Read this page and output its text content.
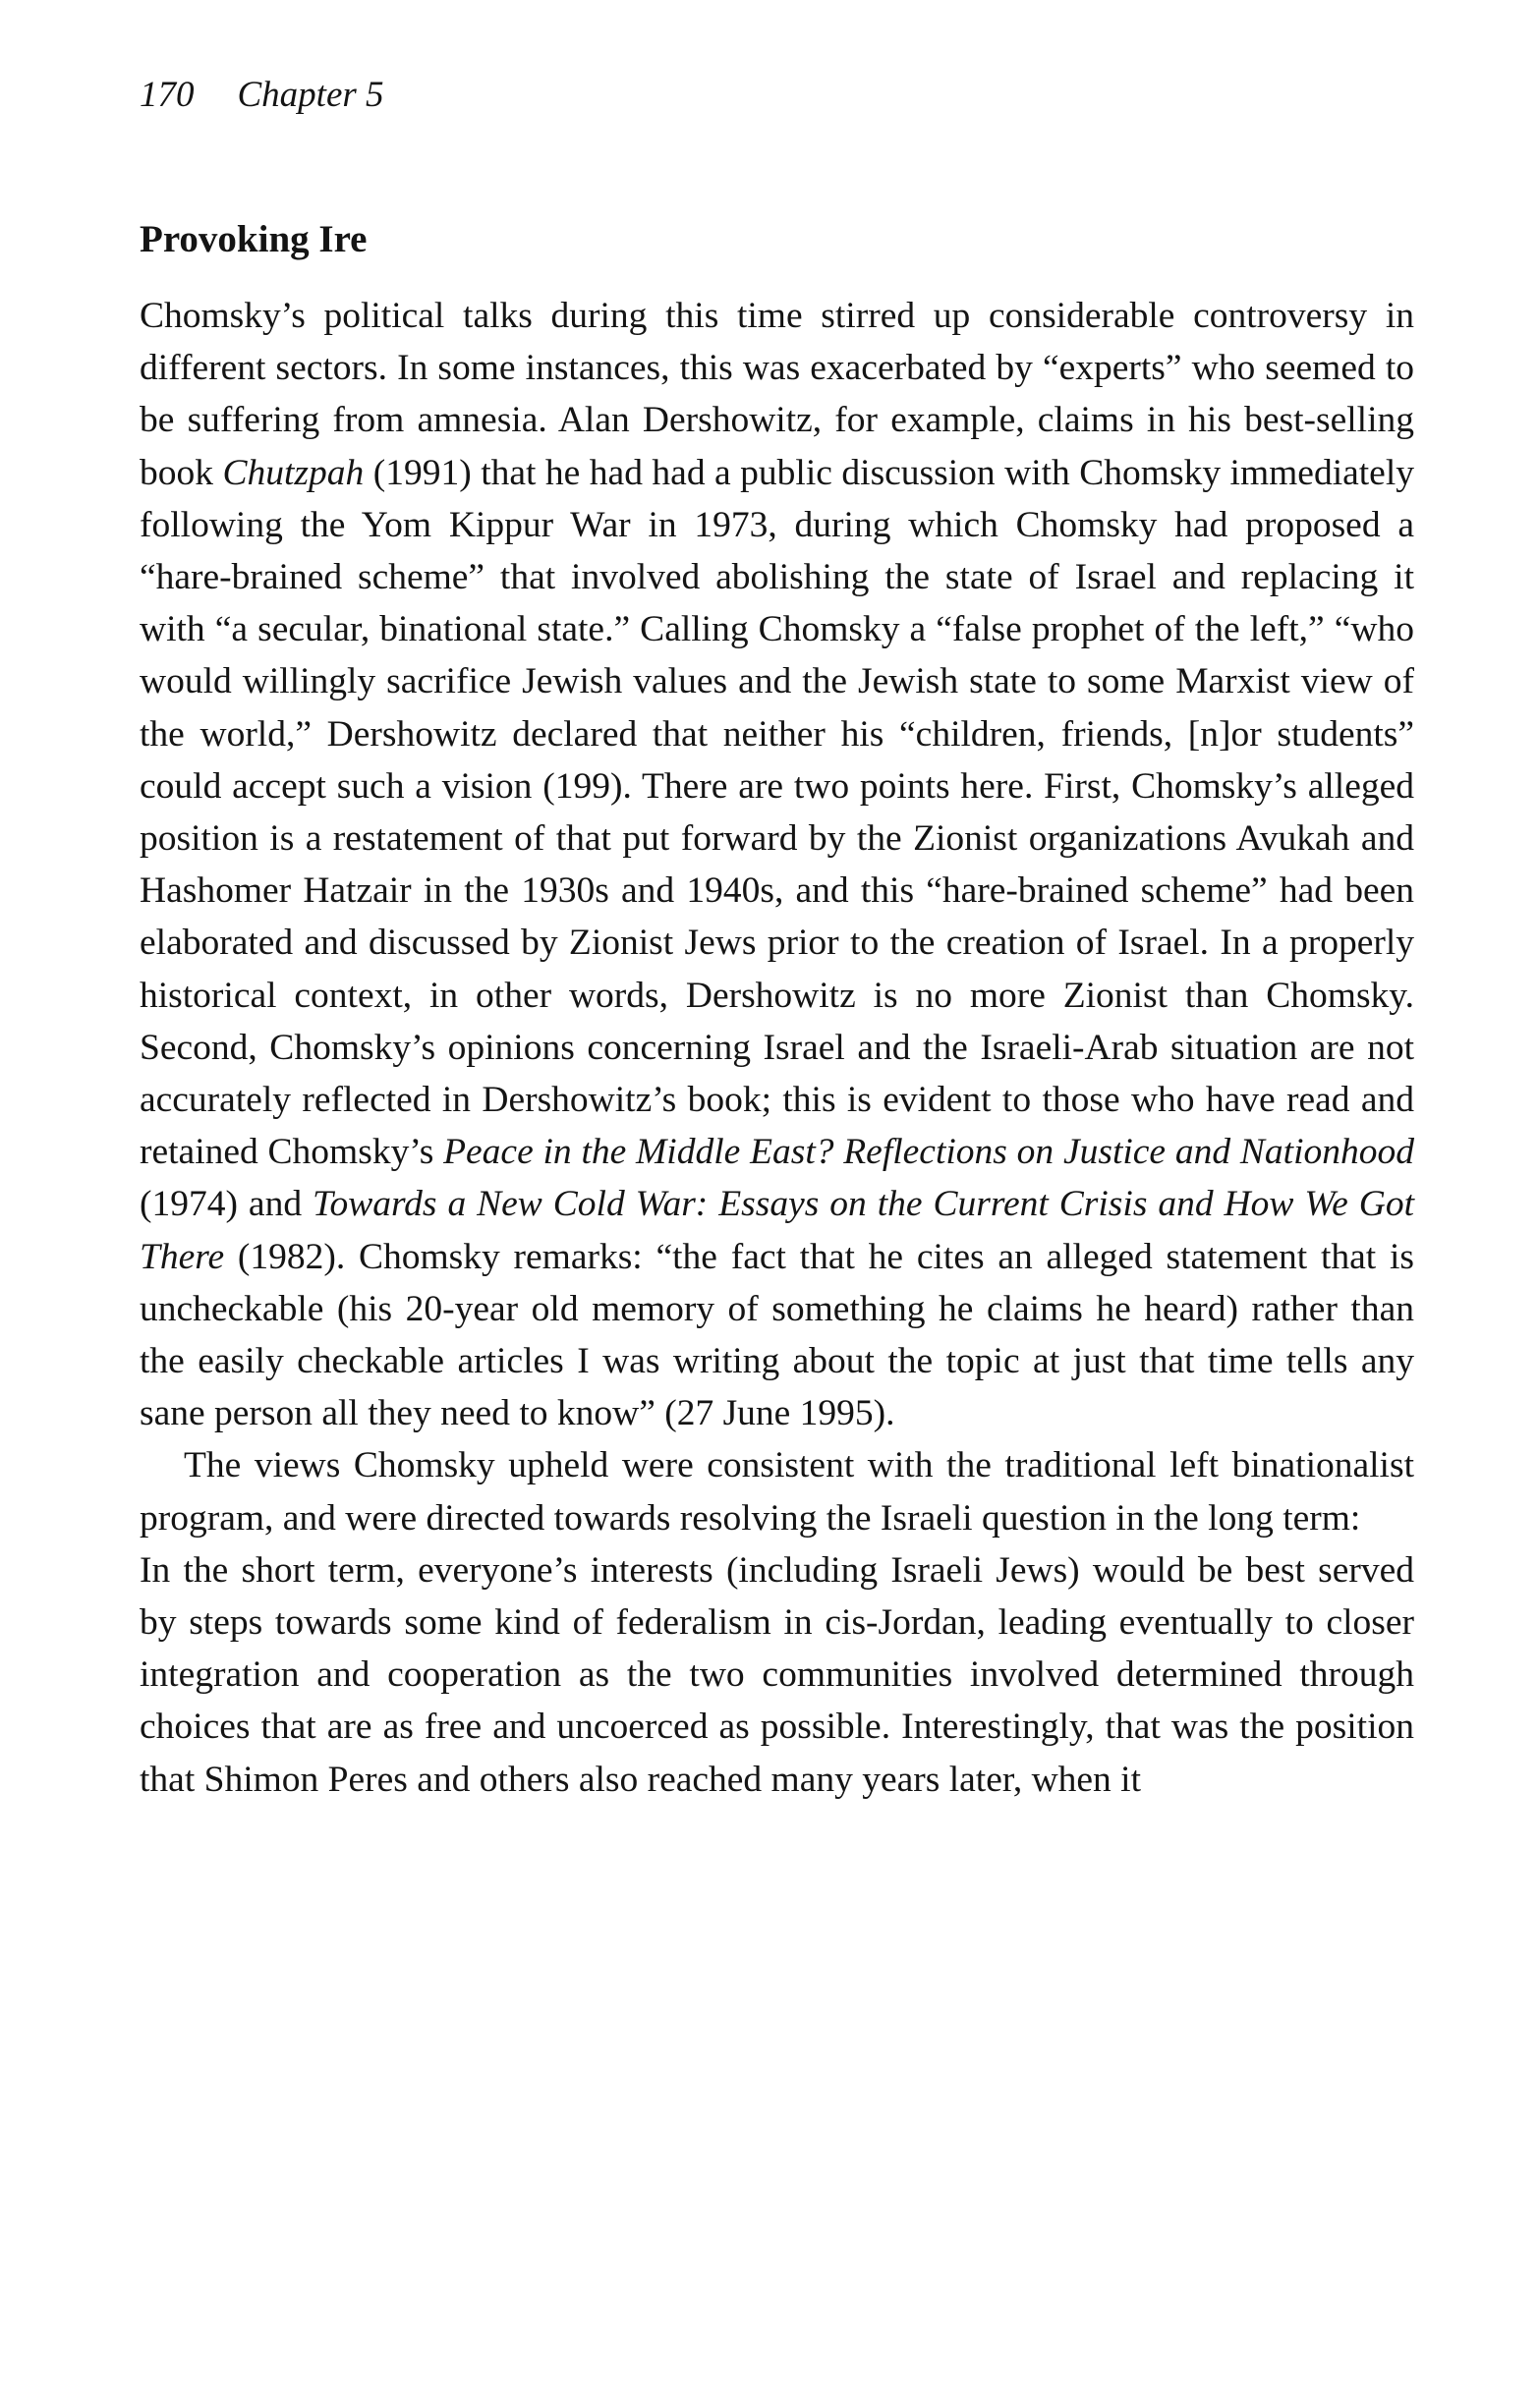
170 Chapter 5
Provoking Ire

Chomsky’s political talks during this time stirred up considerable controversy in different sectors. In some instances, this was exacerbated by “experts” who seemed to be suffering from amnesia. Alan Dershowitz, for example, claims in his best-selling book Chutzpah (1991) that he had had a public discussion with Chomsky immediately following the Yom Kippur War in 1973, during which Chomsky had proposed a “hare-brained scheme” that involved abolishing the state of Israel and replacing it with “a secular, binational state.” Calling Chomsky a “false prophet of the left,” “who would willingly sacrifice Jewish values and the Jewish state to some Marxist view of the world,” Dershowitz declared that neither his “children, friends, [n]or students” could accept such a vision (199). There are two points here. First, Chomsky’s alleged position is a restatement of that put forward by the Zionist organizations Avukah and Hashomer Hatzair in the 1930s and 1940s, and this “hare-brained scheme” had been elaborated and discussed by Zionist Jews prior to the creation of Israel. In a properly historical context, in other words, Dershowitz is no more Zionist than Chomsky. Second, Chomsky’s opinions concerning Israel and the Israeli-Arab situation are not accurately reflected in Dershowitz’s book; this is evident to those who have read and retained Chomsky’s Peace in the Middle East? Reflections on Justice and Nationhood (1974) and Towards a New Cold War: Essays on the Current Crisis and How We Got There (1982). Chomsky remarks: “the fact that he cites an alleged statement that is uncheckable (his 20-year old memory of something he claims he heard) rather than the easily checkable articles I was writing about the topic at just that time tells any sane person all they need to know” (27 June 1995).

The views Chomsky upheld were consistent with the traditional left binationalist program, and were directed towards resolving the Israeli question in the long term:

In the short term, everyone’s interests (including Israeli Jews) would be best served by steps towards some kind of federalism in cis-Jordan, leading eventually to closer integration and cooperation as the two communities involved determined through choices that are as free and uncoerced as possible. Interestingly, that was the position that Shimon Peres and others also reached many years later, when it
